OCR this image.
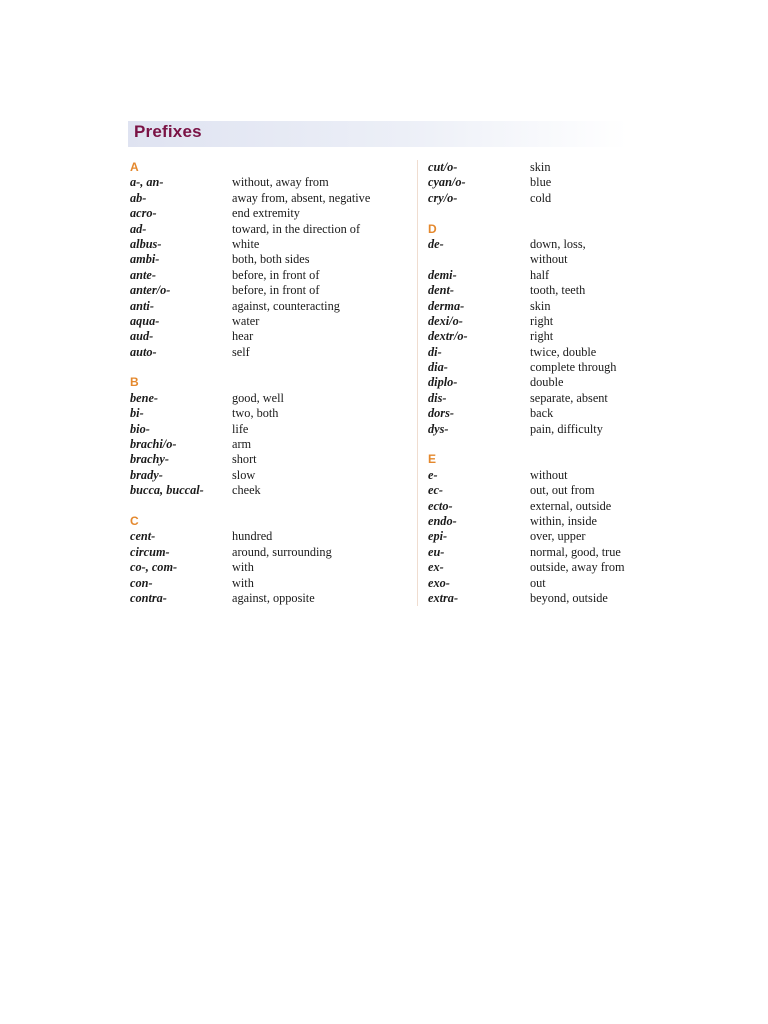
Prefixes
A
a-, an-	without, away from
ab-	away from, absent, negative
acro-	end extremity
ad-	toward, in the direction of
albus-	white
ambi-	both, both sides
ante-	before, in front of
anter/o-	before, in front of
anti-	against, counteracting
aqua-	water
aud-	hear
auto-	self
B
bene-	good, well
bi-	two, both
bio-	life
brachi/o-	arm
brachy-	short
brady-	slow
bucca, buccal-	cheek
C
cent-	hundred
circum-	around, surrounding
co-, com-	with
con-	with
contra-	against, opposite
cut/o-	skin
cyan/o-	blue
cry/o-	cold
D
de-	down, loss,
without
demi-	half
dent-	tooth, teeth
derma-	skin
dexi/o-	right
dextr/o-	right
di-	twice, double
dia-	complete through
diplo-	double
dis-	separate, absent
dors-	back
dys-	pain, difficulty
E
e-	without
ec-	out, out from
ecto-	external, outside
endo-	within, inside
epi-	over, upper
eu-	normal, good, true
ex-	outside, away from
exo-	out
extra-	beyond, outside
